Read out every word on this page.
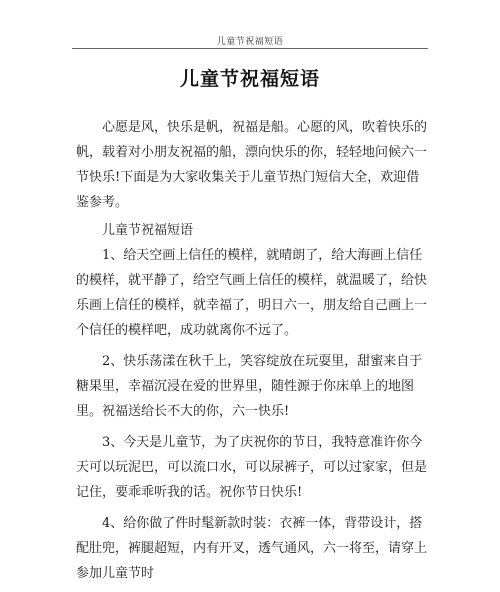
儿童节祝福短语
儿童节祝福短语

心愿是风，快乐是帆，祝福是船。心愿的风，吹着快乐的帆，载着对小朋友祝福的船，漂向快乐的你，轻轻地问候六一节快乐!下面是为大家收集关于儿童节热门短信大全，欢迎借鉴参考。

儿童节祝福短语

1、给天空画上信任的模样，就晴朗了，给大海画上信任的模样，就平静了，给空气画上信任的模样，就温暖了，给快乐画上信任的模样，就幸福了，明日六一，朋友给自己画上一个信任的模样吧，成功就离你不远了。

2、快乐荡漾在秋千上，笑容绽放在玩耍里，甜蜜来自于糖果里，幸福沉浸在爱的世界里，随性源于你床单上的地图里。祝福送给长不大的你，六一快乐!

3、今天是儿童节，为了庆祝你的节日，我特意准许你今天可以玩泥巴，可以流口水，可以尿裤子，可以过家家，但是记住，要乖乖听我的话。祝你节日快乐!

4、给你做了件时髦新款时装：衣裤一体，背带设计，搭配肚兜，裤腿超短，内有开叉，透气通风，六一将至，请穿上参加儿童节时
